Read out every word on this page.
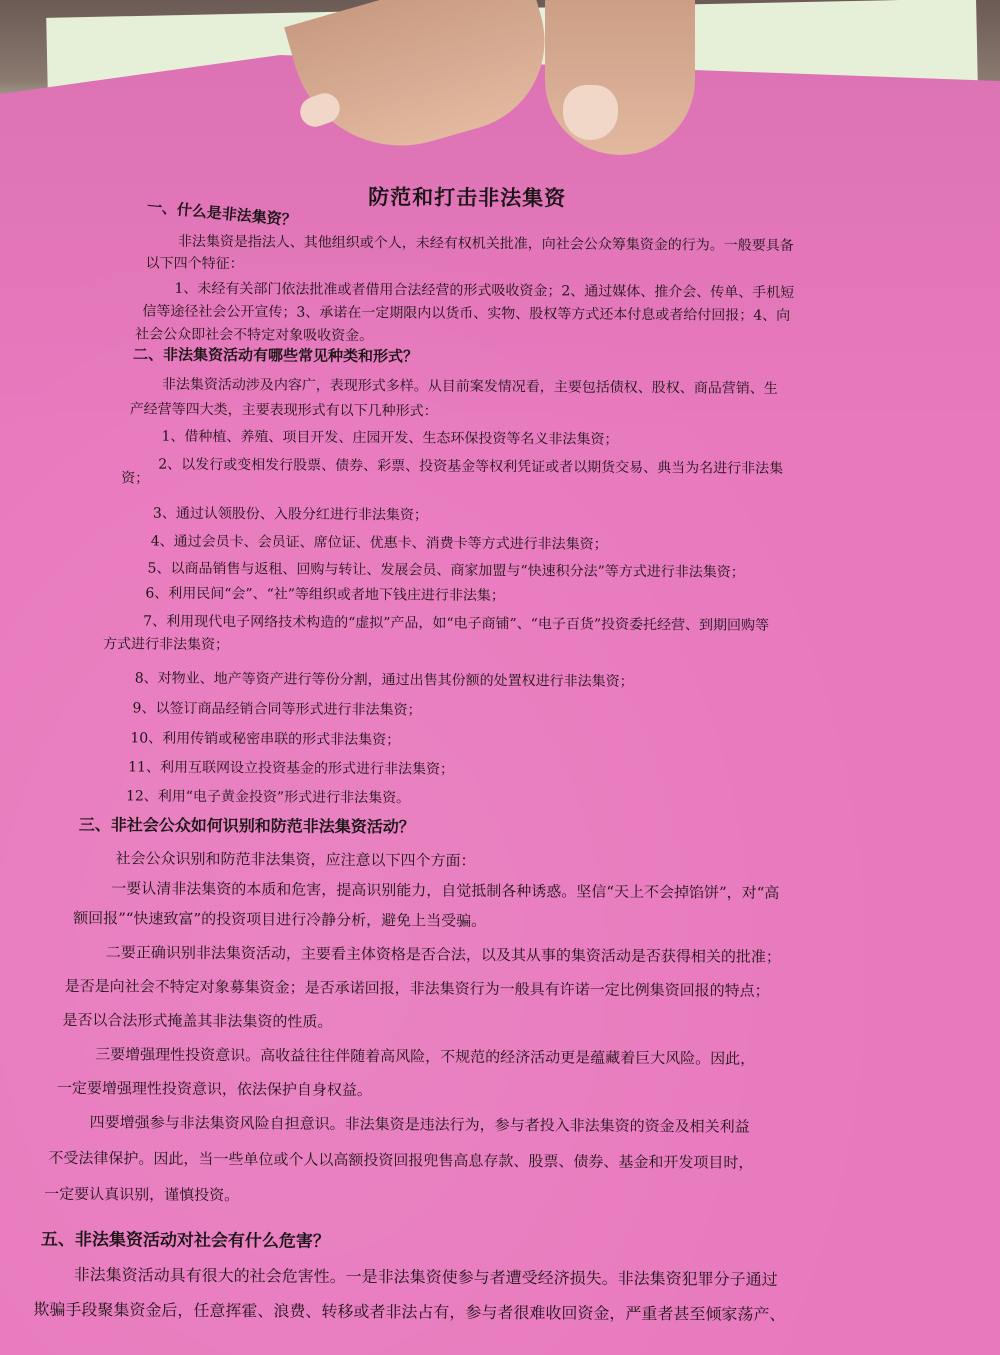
防范和打击非法集资
一、什么是非法集资？
非法集资是指法人、其他组织或个人，未经有权机关批准，向社会公众筹集资金的行为。一般要具备
以下四个特征：
1、未经有关部门依法批准或者借用合法经营的形式吸收资金；2、通过媒体、推介会、传单、手机短
信等途径社会公开宣传；3、承诺在一定期限内以货币、实物、股权等方式还本付息或者给付回报；4、向
社会公众即社会不特定对象吸收资金。
二、非法集资活动有哪些常见种类和形式？
非法集资活动涉及内容广，表现形式多样。从目前案发情况看，主要包括债权、股权、商品营销、生
产经营等四大类，主要表现形式有以下几种形式：
1、借种植、养殖、项目开发、庄园开发、生态环保投资等名义非法集资；
2、以发行或变相发行股票、债券、彩票、投资基金等权利凭证或者以期货交易、典当为名进行非法集
资；
3、通过认领股份、入股分红进行非法集资；
4、通过会员卡、会员证、席位证、优惠卡、消费卡等方式进行非法集资；
5、以商品销售与返租、回购与转让、发展会员、商家加盟与“快速积分法”等方式进行非法集资；
6、利用民间“会”、“社”等组织或者地下钱庄进行非法集；
7、利用现代电子网络技术构造的“虚拟”产品，如“电子商铺”、“电子百货”投资委托经营、到期回购等
方式进行非法集资；
8、对物业、地产等资产进行等份分割，通过出售其份额的处置权进行非法集资；
9、以签订商品经销合同等形式进行非法集资；
10、利用传销或秘密串联的形式非法集资；
11、利用互联网设立投资基金的形式进行非法集资；
12、利用“电子黄金投资”形式进行非法集资。
三、非社会公众如何识别和防范非法集资活动？
社会公众识别和防范非法集资，应注意以下四个方面：
一要认清非法集资的本质和危害，提高识别能力，自觉抵制各种诱惑。坚信“天上不会掉馅饼”，对“高
额回报”“快速致富”的投资项目进行冷静分析，避免上当受骗。
二要正确识别非法集资活动，主要看主体资格是否合法，以及其从事的集资活动是否获得相关的批准；
是否是向社会不特定对象募集资金；是否承诺回报，非法集资行为一般具有许诺一定比例集资回报的特点；
是否以合法形式掩盖其非法集资的性质。
三要增强理性投资意识。高收益往往伴随着高风险，不规范的经济活动更是蕴藏着巨大风险。因此，
一定要增强理性投资意识，依法保护自身权益。
四要增强参与非法集资风险自担意识。非法集资是违法行为，参与者投入非法集资的资金及相关利益
不受法律保护。因此，当一些单位或个人以高额投资回报兜售高息存款、股票、债券、基金和开发项目时，
一定要认真识别，谨慎投资。
五、非法集资活动对社会有什么危害？
非法集资活动具有很大的社会危害性。一是非法集资使参与者遭受经济损失。非法集资犯罪分子通过
欺骗手段聚集资金后，任意挥霍、浪费、转移或者非法占有，参与者很难收回资金，严重者甚至倾家荡产、
